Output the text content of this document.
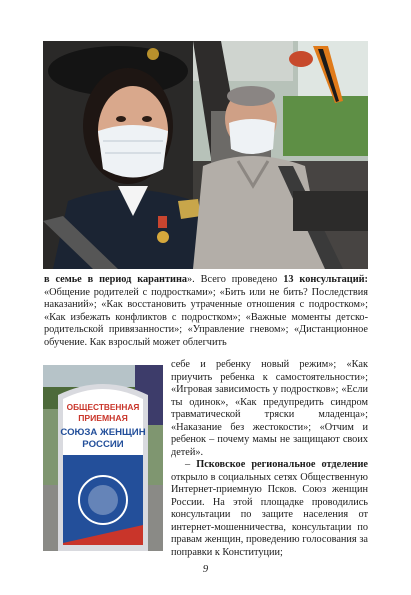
в семье в период карантина». Всего проведено 13 консультаций: «Общение родителей с подростками»; «Бить или не бить? Последствия наказаний»; «Как восстановить утраченные отношения с подростком»; «Как избежать конфликтов с подростком»; «Важные моменты детско-родительской привязанности»; «Управление гневом»; «Дистанционное обучение. Как взрослый может облегчить

ОБЩЕСТВЕННАЯ
ПРИЕМНАЯ
СОЮЗА ЖЕНЩИН
РОССИИ

себе и ребенку новый режим»; «Как приучить ребенка к самостоятельности»; «Игровая зависимость у подростков»; «Если ты одинок», «Как предупредить синдром травматической тряски младенца»; «Наказание без жестокости»; «Отчим и ребенок – почему мамы не защищают своих детей».

– Псковское региональное отделение открыло в социальных сетях Общественную Интернет-приемную Псков. Союз женщин России. На этой площадке проводились консультации по защите населения от интернет-мошенничества, консультации по правам женщин, проведению голосования за поправки к Конституции;

9
